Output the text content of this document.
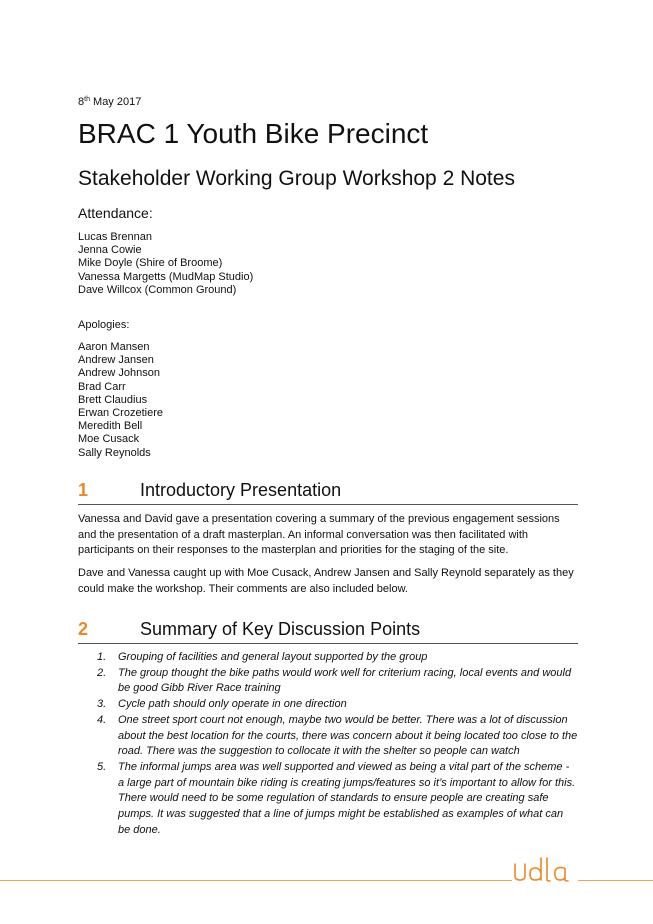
8th May 2017
BRAC 1 Youth Bike Precinct
Stakeholder Working Group Workshop 2 Notes
Attendance:
Lucas Brennan
Jenna Cowie
Mike Doyle (Shire of Broome)
Vanessa Margetts (MudMap Studio)
Dave Willcox (Common Ground)
Apologies:
Aaron Mansen
Andrew Jansen
Andrew Johnson
Brad Carr
Brett Claudius
Erwan Crozetiere
Meredith Bell
Moe Cusack
Sally Reynolds
1	Introductory Presentation
Vanessa and David gave a presentation covering a summary of the previous engagement sessions and the presentation of a draft masterplan. An informal conversation was then facilitated with participants on their responses to the masterplan and priorities for the staging of the site.
Dave and Vanessa caught up with Moe Cusack, Andrew Jansen and Sally Reynold separately as they could make the workshop. Their comments are also included below.
2	Summary of Key Discussion Points
1. Grouping of facilities and general layout supported by the group
2. The group thought the bike paths would work well for criterium racing, local events and would be good Gibb River Race training
3. Cycle path should only operate in one direction
4. One street sport court not enough, maybe two would be better. There was a lot of discussion about the best location for the courts, there was concern about it being located too close to the road. There was the suggestion to collocate it with the shelter so people can watch
5. The informal jumps area was well supported and viewed as being a vital part of the scheme - a large part of mountain bike riding is creating jumps/features so it’s important to allow for this. There would need to be some regulation of standards to ensure people are creating safe pumps. It was suggested that a line of jumps might be established as examples of what can be done.
udla
